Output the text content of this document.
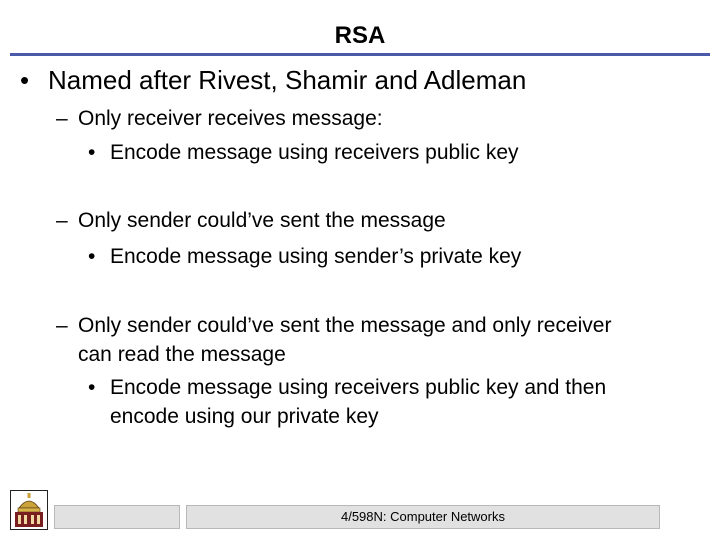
RSA
• Named after Rivest, Shamir and Adleman
– Only receiver receives message:
• Encode message using receivers public key
– Only sender could’ve sent the message
• Encode message using sender’s private key
– Only sender could’ve sent the message and only receiver
can read the message
• Encode message using receivers public key and then
encode using our private key
4/598N: Computer Networks
